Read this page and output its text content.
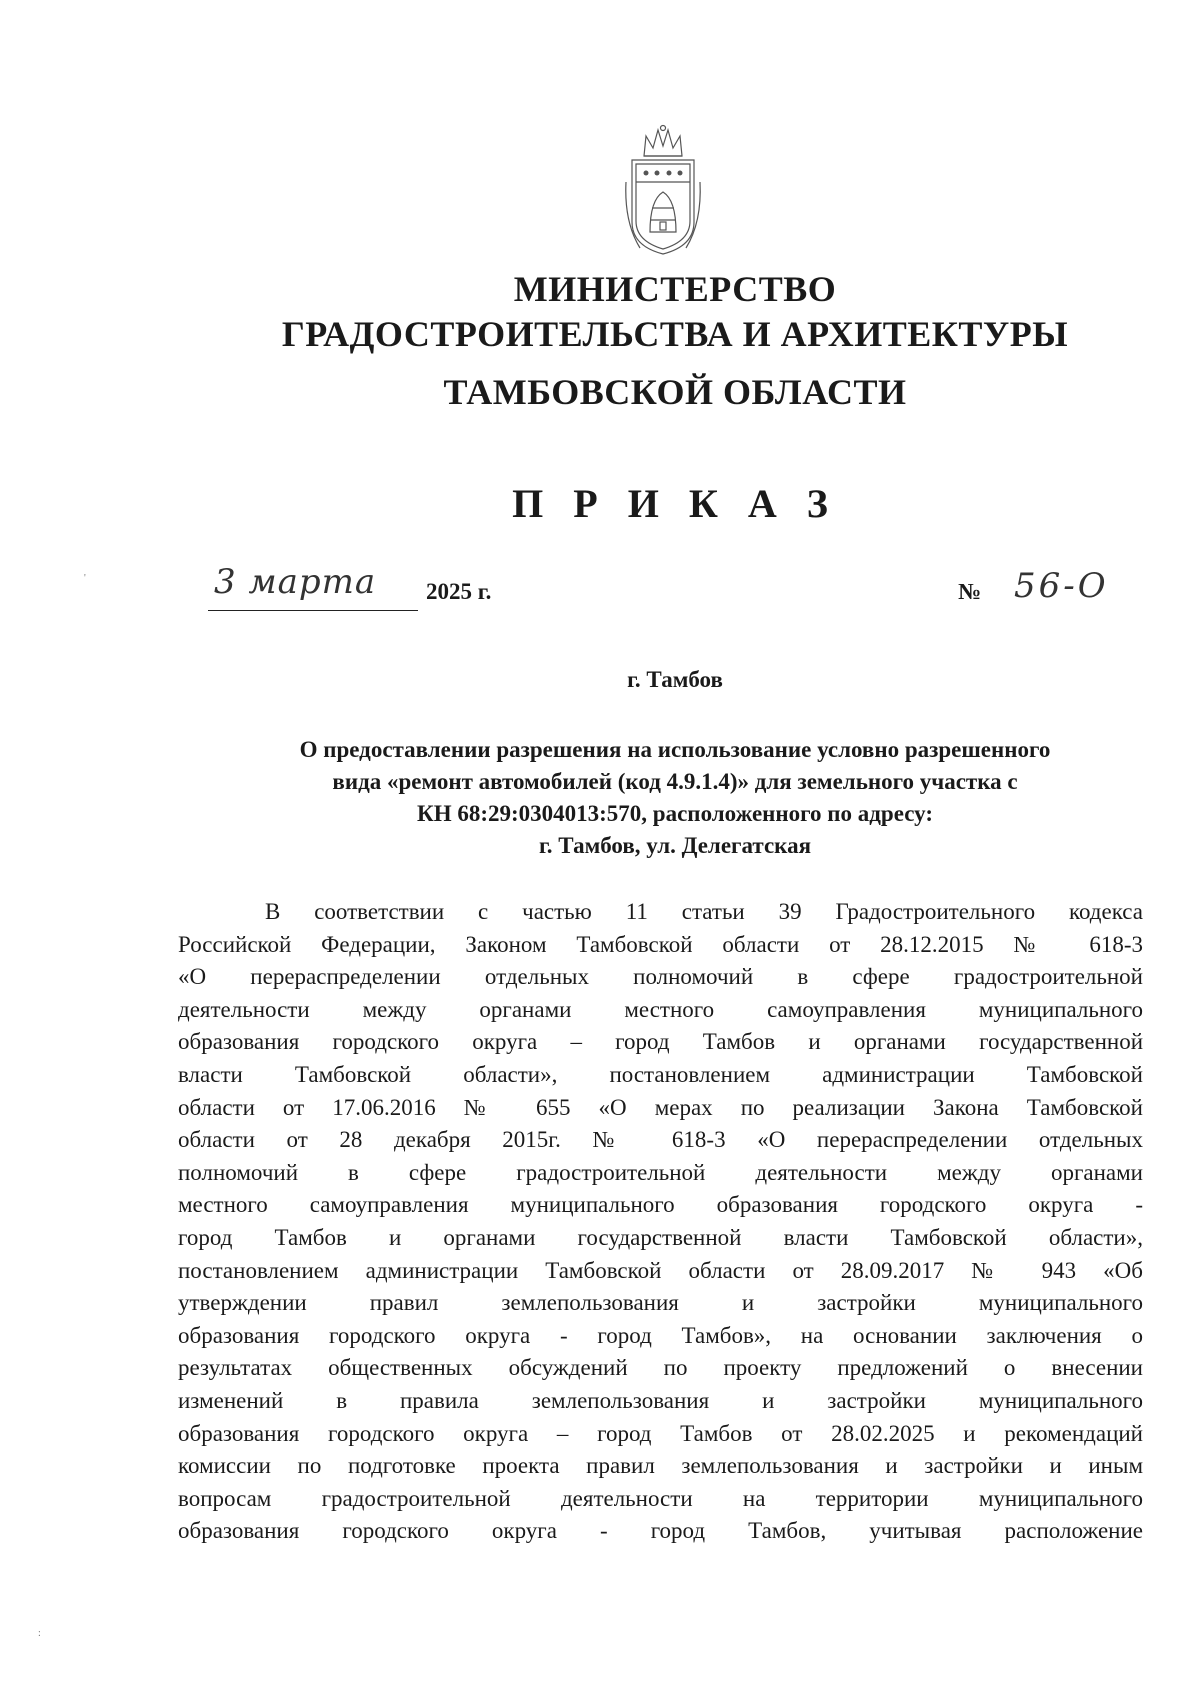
МИНИСТЕРСТВО
ГРАДОСТРОИТЕЛЬСТВА И АРХИТЕКТУРЫ
ТАМБОВСКОЙ ОБЛАСТИ
П Р И К А З
3 марта 2025 г.	№ 56-О

г. Тамбов

О предоставлении разрешения на использование условно разрешенного
вида «ремонт автомобилей (код 4.9.1.4)» для земельного участка с
КН 68:29:0304013:570, расположенного по адресу:
г. Тамбов, ул. Делегатская
В соответствии с частью 11 статьи 39 Градостроительного кодекса
Российской Федерации, Законом Тамбовской области от 28.12.2015 № 618-3
«О перераспределении отдельных полномочий в сфере градостроительной
деятельности между органами местного самоуправления муниципального
образования городского округа – город Тамбов и органами государственной
власти Тамбовской области», постановлением администрации Тамбовской
области от 17.06.2016 № 655 «О мерах по реализации Закона Тамбовской
области от 28 декабря 2015г. № 618-3 «О перераспределении отдельных
полномочий в сфере градостроительной деятельности между органами
местного самоуправления муниципального образования городского округа -
город Тамбов и органами государственной власти Тамбовской области»,
постановлением администрации Тамбовской области от 28.09.2017 № 943 «Об
утверждении правил землепользования и застройки муниципального
образования городского округа - город Тамбов», на основании заключения о
результатах общественных обсуждений по проекту предложений о внесении
изменений в правила землепользования и застройки муниципального
образования городского округа – город Тамбов от 28.02.2025 и рекомендаций
комиссии по подготовке проекта правил землепользования и застройки и иным
вопросам градостроительной деятельности на территории муниципального
образования городского округа - город Тамбов, учитывая расположение
'
:
